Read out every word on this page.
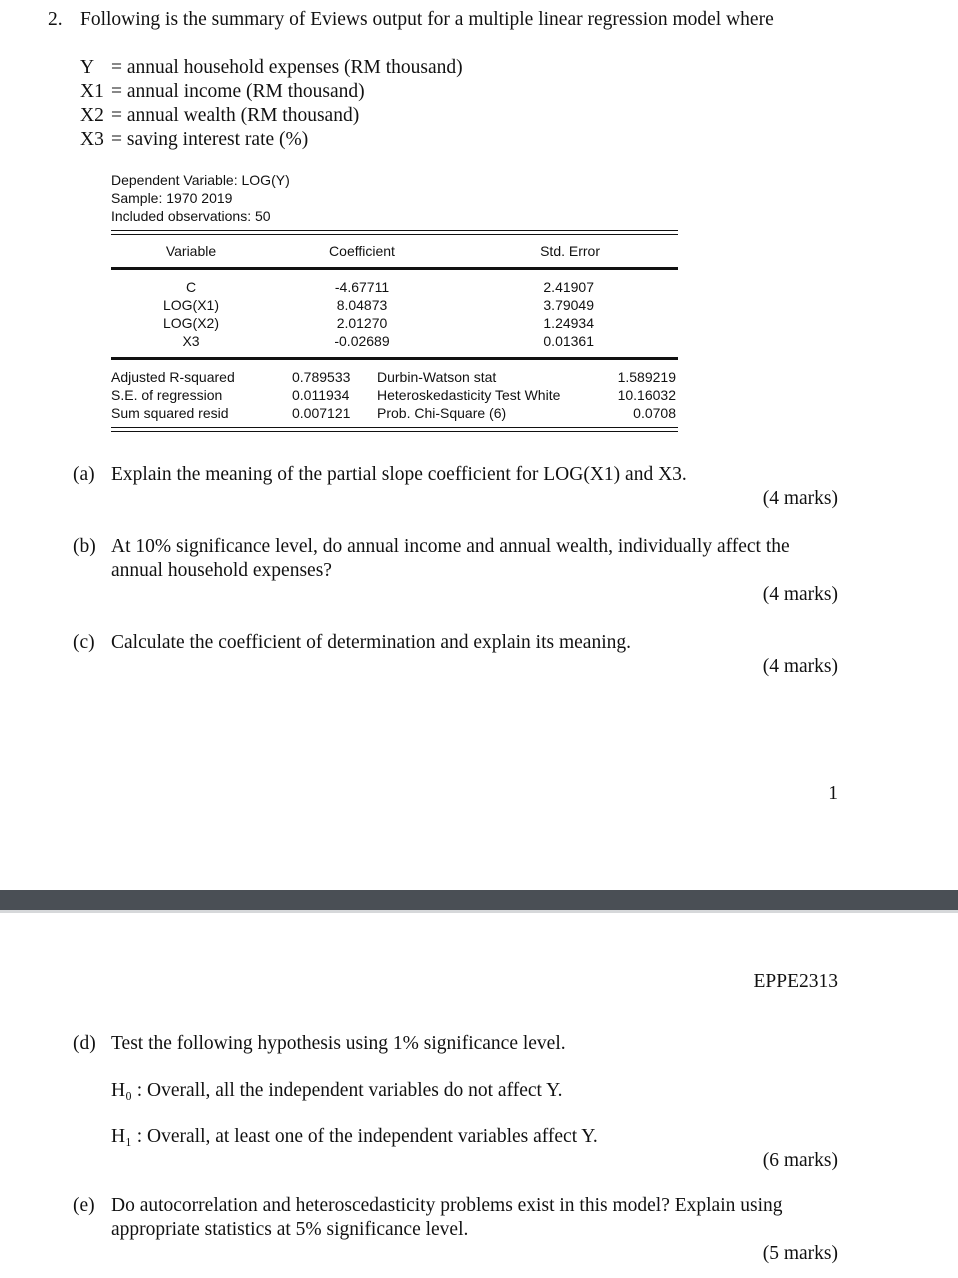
2. Following is the summary of Eviews output for a multiple linear regression model where
Y = annual household expenses (RM thousand)
X1 = annual income (RM thousand)
X2 = annual wealth (RM thousand)
X3 = saving interest rate (%)
Dependent Variable: LOG(Y)
Sample: 1970 2019
Included observations: 50
Variable	Coefficient	Std. Error
C	-4.67711	2.41907
LOG(X1)	8.04873	3.79049
LOG(X2)	2.01270	1.24934
X3	-0.02689	0.01361
Adjusted R-squared	0.789533 Durbin-Watson stat	1.589219
S.E. of regression	0.011934 Heteroskedasticity Test White	10.16032
Sum squared resid	0.007121 Prob. Chi-Square (6)	0.0708
(a) Explain the meaning of the partial slope coefficient for LOG(X1) and X3.
(4 marks)
(b) At 10% significance level, do annual income and annual wealth, individually affect the
annual household expenses?
(4 marks)
(c) Calculate the coefficient of determination and explain its meaning.
(4 marks)
1
EPPE2313
(d) Test the following hypothesis using 1% significance level.
H₀ : Overall, all the independent variables do not affect Y.
H₁ : Overall, at least one of the independent variables affect Y.
(6 marks)
(e) Do autocorrelation and heteroscedasticity problems exist in this model? Explain using
appropriate statistics at 5% significance level.
(5 marks)
